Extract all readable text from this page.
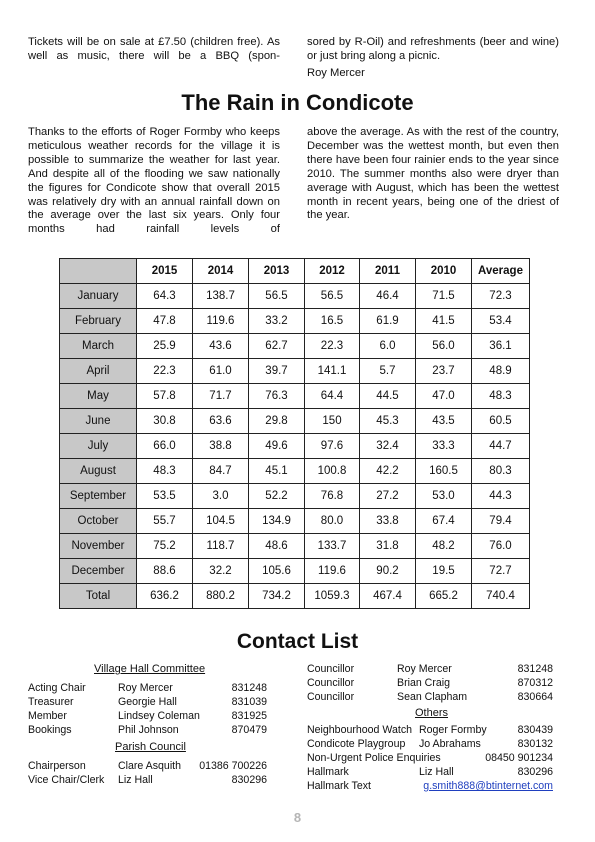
Tickets will be on sale at £7.50 (children free). As well as music, there will be a BBQ (spon-

sored by R-Oil) and refreshments (beer and wine) or just bring along a picnic.

Roy Mercer

The Rain in Condicote

Thanks to the efforts of Roger Formby who keeps meticulous weather records for the village it is possible to summarize the weather for last year. And despite all of the flooding we saw nationally the figures for Condicote show that overall 2015 was relatively dry with an annual rainfall down on the average over the last six years. Only four months had rainfall levels of

above the average. As with the rest of the country, December was the wettest month, but even then there have been four rainier ends to the year since 2010. The summer months also were dryer than average with August, which has been the wettest month in recent years, being one of the driest of the year.

	2015	2014	2013	2012	2011	2010	Average
January	64.3	138.7	56.5	56.5	46.4	71.5	72.3
February	47.8	119.6	33.2	16.5	61.9	41.5	53.4
March	25.9	43.6	62.7	22.3	6.0	56.0	36.1
April	22.3	61.0	39.7	141.1	5.7	23.7	48.9
May	57.8	71.7	76.3	64.4	44.5	47.0	48.3
June	30.8	63.6	29.8	150	45.3	43.5	60.5
July	66.0	38.8	49.6	97.6	32.4	33.3	44.7
August	48.3	84.7	45.1	100.8	42.2	160.5	80.3
September	53.5	3.0	52.2	76.8	27.2	53.0	44.3
October	55.7	104.5	134.9	80.0	33.8	67.4	79.4
November	75.2	118.7	48.6	133.7	31.8	48.2	76.0
December	88.6	32.2	105.6	119.6	90.2	19.5	72.7
Total	636.2	880.2	734.2	1059.3	467.4	665.2	740.4
Contact List
Village Hall Committee
Acting Chair	Roy Mercer	831248
Treasurer	Georgie Hall	831039
Member	Lindsey Coleman	831925
Bookings	Phil Johnson	870479
Parish Council
Chairperson	Clare Asquith 01386 700226
Vice Chair/Clerk Liz Hall	830296
Councillor	Roy Mercer	831248
Councillor	Brian Craig	870312
Councillor	Sean Clapham	830664
Others
Neighbourhood Watch Roger Formby	830439
Condicote Playgroup Jo Abrahams	830132
Non-Urgent Police Enquiries	08450 901234
Hallmark	Liz Hall	830296
Hallmark Text	g.smith888@btinternet.com
8
